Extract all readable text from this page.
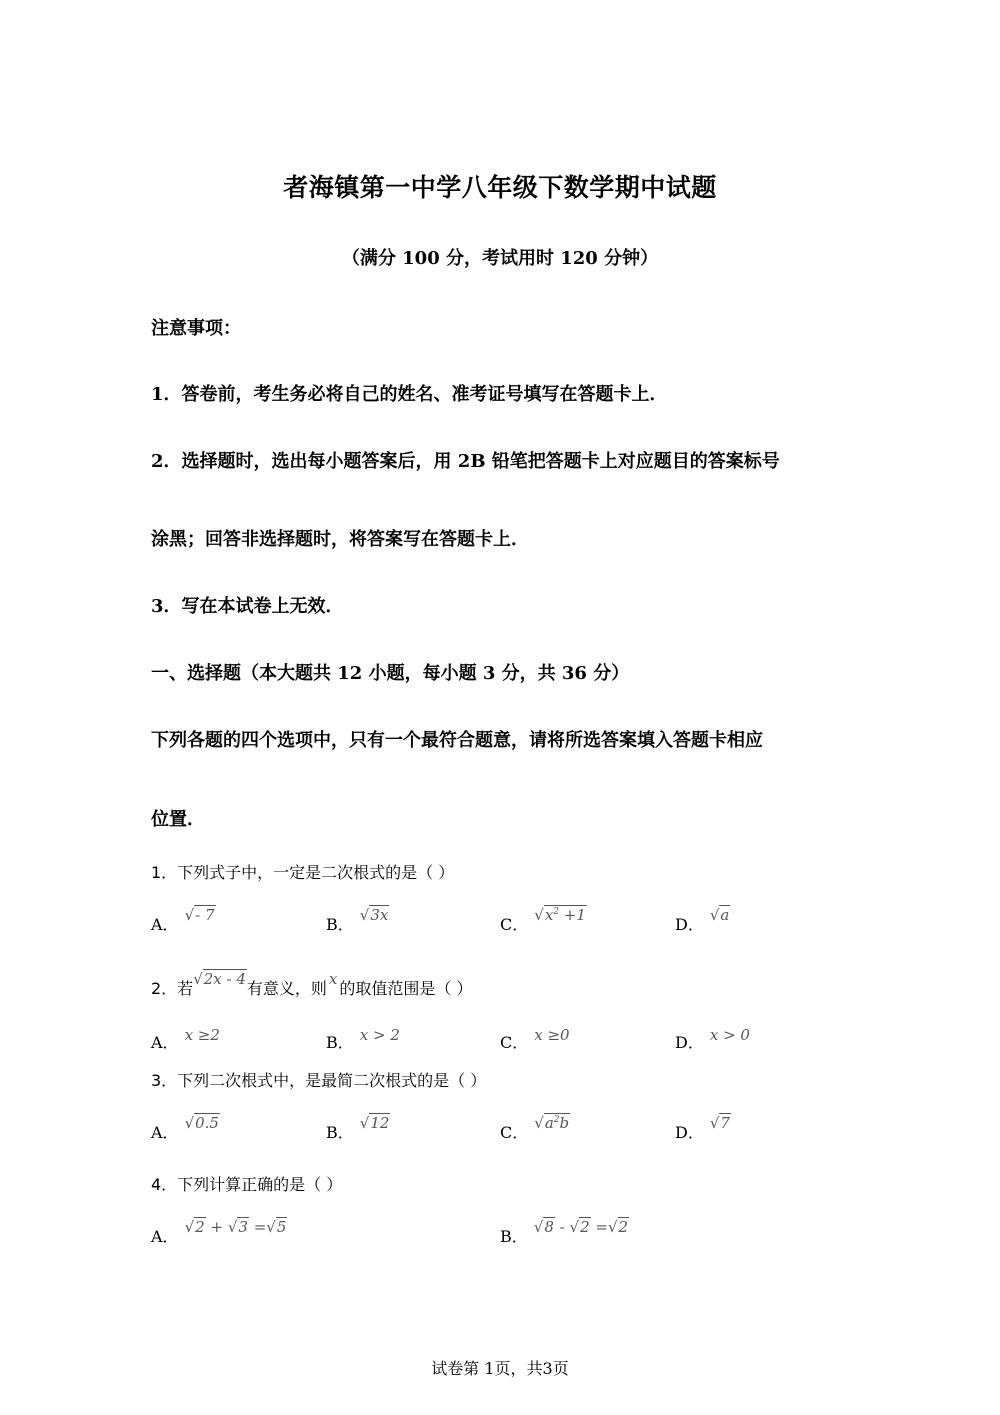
者海镇第一中学八年级下数学期中试题
（满分 100 分，考试用时 120 分钟）
注意事项：
1．答卷前，考生务必将自己的姓名、准考证号填写在答题卡上．
2．选择题时，选出每小题答案后，用 2B 铅笔把答题卡上对应题目的答案标号
涂黑；回答非选择题时，将答案写在答题卡上．
3．写在本试卷上无效．
一、选择题（本大题共 12 小题，每小题 3 分，共 36 分）
下列各题的四个选项中，只有一个最符合题意，请将所选答案填入答题卡相应
位置．
1．下列式子中，一定是二次根式的是（ ）
A． √- 7	B． √3x	C． $√x^2 +1$	D． √a
2．若√2x - 4有意义，则 x 的取值范围是（ ）
A． x ≥2	B． x > 2	C． x ≥0	D． x > 0
3．下列二次根式中，是最简二次根式的是（ ）
A． √0.5	B． √12	C． $√a^2b$	D． √7
4．下列计算正确的是（ ）
A． √2 + √3 =√5	B． √8 - √2 =√2
试卷第 1页，共3页
